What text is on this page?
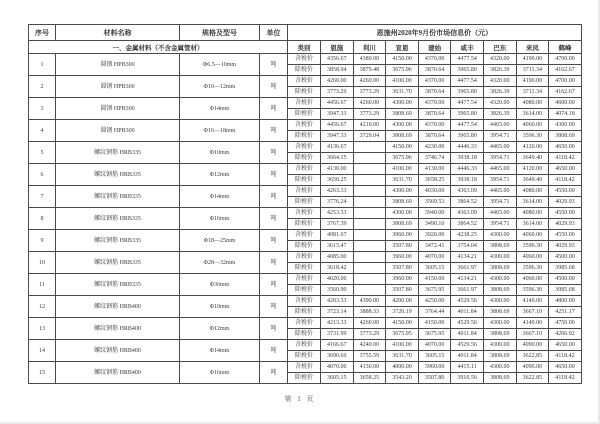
序号	材料名称	规格及型号	单位	恩施州2020年9月份市场信息价（元）								
一、金属材料（不含金属管材）				类别	恩施	利川	宣恩	建始	咸丰	巴东	来凤	鹤峰
1	圆钢 HPB300	Φ6.5—10mm	吨	含税价	4356.67	4380.00	4150.00	4370.00	4477.54	4320.00	4190.00	4700.00
				除税价	3858.94	3879.48	3675.96	3870.64	3965.80	3826.39	3711.34	4162.67
2	圆钢 HPB300	Φ10—12mm	吨	含税价	4260.00	4260.00	4100.00	4370.00	4477.54	4320.00	4190.00	4700.00
				除税价	3773.29	3773.29	3631.70	3870.64	3965.80	3826.39	3711.34	4162.67
3	圆钢 HPB300	Φ14mm	吨	含税价	4456.67	4260.00	4300.00	4370.00	4477.54	4320.00	4080.00	4600.00
				除税价	3947.33	3773.29	3808.69	3870.64	3965.80	3826.39	3614.00	4074.18
4	圆钢 HPB300	Φ16—18mm	吨	含税价	4456.67	4210.00	4300.00	4370.00	4477.54	4465.00	4060.00	4300.00
				除税价	3947.33	3729.04	3808.69	3870.64	3965.80	3954.71	3596.30	3808.69
5	螺纹钢筋 HRB335	Φ10mm	吨	含税价	4136.67		4150.00	4230.00	4446.33	4465.00	4120.00	4650.00
				除税价	3664.15		3675.96	3746.74	3938.18	3954.71	3649.40	4118.42
6	螺纹钢筋 HRB335	Φ12mm	吨	含税价	4130.00		4100.00	4130.00	4446.33	4465.00	4120.00	4650.00
				除税价	3658.25		3631.70	3658.25	3938.18	3954.71	3649.40	4118.42
7	螺纹钢筋 HRB335	Φ14mm	吨	含税价	4263.33		4300.00	4030.00	4363.09	4465.00	4080.00	4550.00
				除税价	3776.24		3808.69	3569.53	3864.52	3954.71	3614.00	4029.93
8	螺纹钢筋 HRB335	Φ16mm	吨	含税价	4253.33		4300.00	3940.00	4363.09	4465.00	4080.00	4550.00
				除税价	3767.39		3808.69	3490.10	3864.52	3954.71	3614.00	4029.93
9	螺纹钢筋 HRB335	Φ18—25mm	吨	含税价	4081.67		3960.00	3920.00	4238.25	4300.00	4060.00	4550.00
				除税价	3615.47		3507.80	3472.41	3754.04	3808.69	3596.30	4029.93
10	螺纹钢筋 HRB335	Φ28—32mm	吨	含税价	4085.00		3960.00	4070.00	4134.21	4300.00	4060.00	4500.00
				除税价	3618.42		3507.80	3605.15	3661.97	3808.69	3596.30	3985.68
11	螺纹钢筋 HRB335	Φ36mm	吨	含税价	4020.00		3960.00	4150.00	4134.21	4300.00	4060.00	4500.00
				除税价	3560.90		3507.80	3675.95	3661.97	3808.69	3596.30	3985.68
12	螺纹钢筋 HRB400	Φ10mm	吨	含税价	4203.33	4390.00	4200.00	4250.00	4529.56	4300.00	4140.00	4800.00
				除税价	3723.14	3888.33	3720.19	3764.44	4011.84	3808.69	3667.10	4251.17
13	螺纹钢筋 HRB400	Φ12mm	吨	含税价	4213.33	4260.00	4150.00	4150.00	4529.56	4300.00	4140.00	4750.00
				除税价	3731.99	3773.29	3675.95	3675.95	4011.84	3808.69	3667.10	4206.92
14	螺纹钢筋 HRB400	Φ14mm	吨	含税价	4166.67	4240.00	4100.00	4070.00	4529.56	4300.00	4090.00	4650.00
				除税价	3690.69	3755.59	3631.70	3605.15	4011.84	3808.69	3622.85	4118.42
15	螺纹钢筋 HRB400	Φ16mm	吨	含税价	4070.00	4130.00	4000.00	3960.00	4415.11	4300.00	4090.00	4650.00
				除税价	3605.15	3658.25	3543.20	3507.80	3910.56	3808.69	3622.85	4118.42
第 1 页
